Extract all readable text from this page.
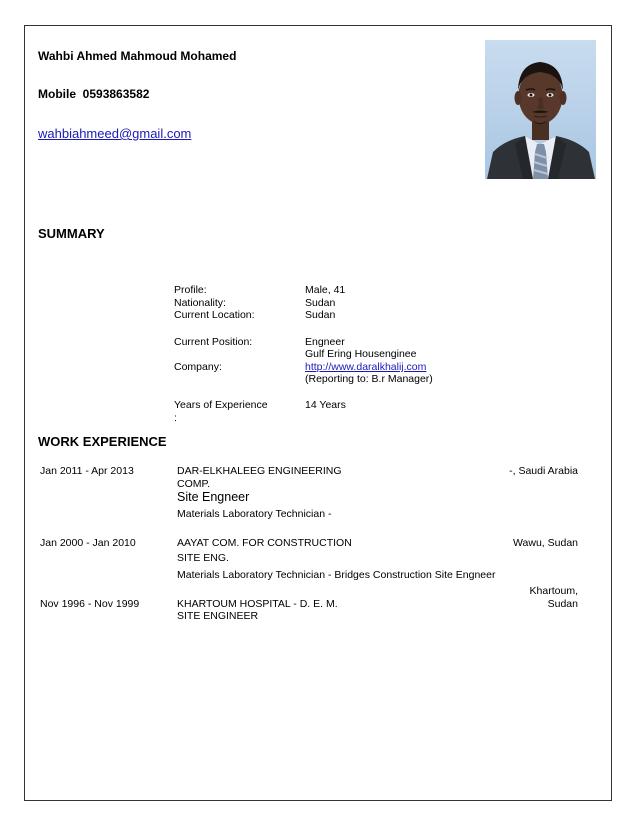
Wahbi Ahmed Mahmoud Mohamed
Mobile 0593863582
wahbiahmeed@gmail.com
SUMMARY
Profile:	Male, 41
Nationality:	Sudan
Current Location:	Sudan
Current Position:	Engneer
Gulf Ering Housenginee
Company:	http://www.daralkhalij.com
(Reporting to: B.r Manager)
Years of Experience	14 Years
:
WORK EXPERIENCE
Jan 2011 - Apr 2013	DAR-ELKHALEEG ENGINEERING
COMP.
Site Engneer
Materials Laboratory Technician -
-, Saudi Arabia
Jan 2000 - Jan 2010	AAYAT COM. FOR CONSTRUCTION
SITE ENG.
Materials Laboratory Technician - Bridges Construction Site Engneer
Wawu, Sudan
Nov 1996 - Nov 1999	KHARTOUM HOSPITAL - D. E. M.
SITE ENGINEER
Khartoum,
Sudan
